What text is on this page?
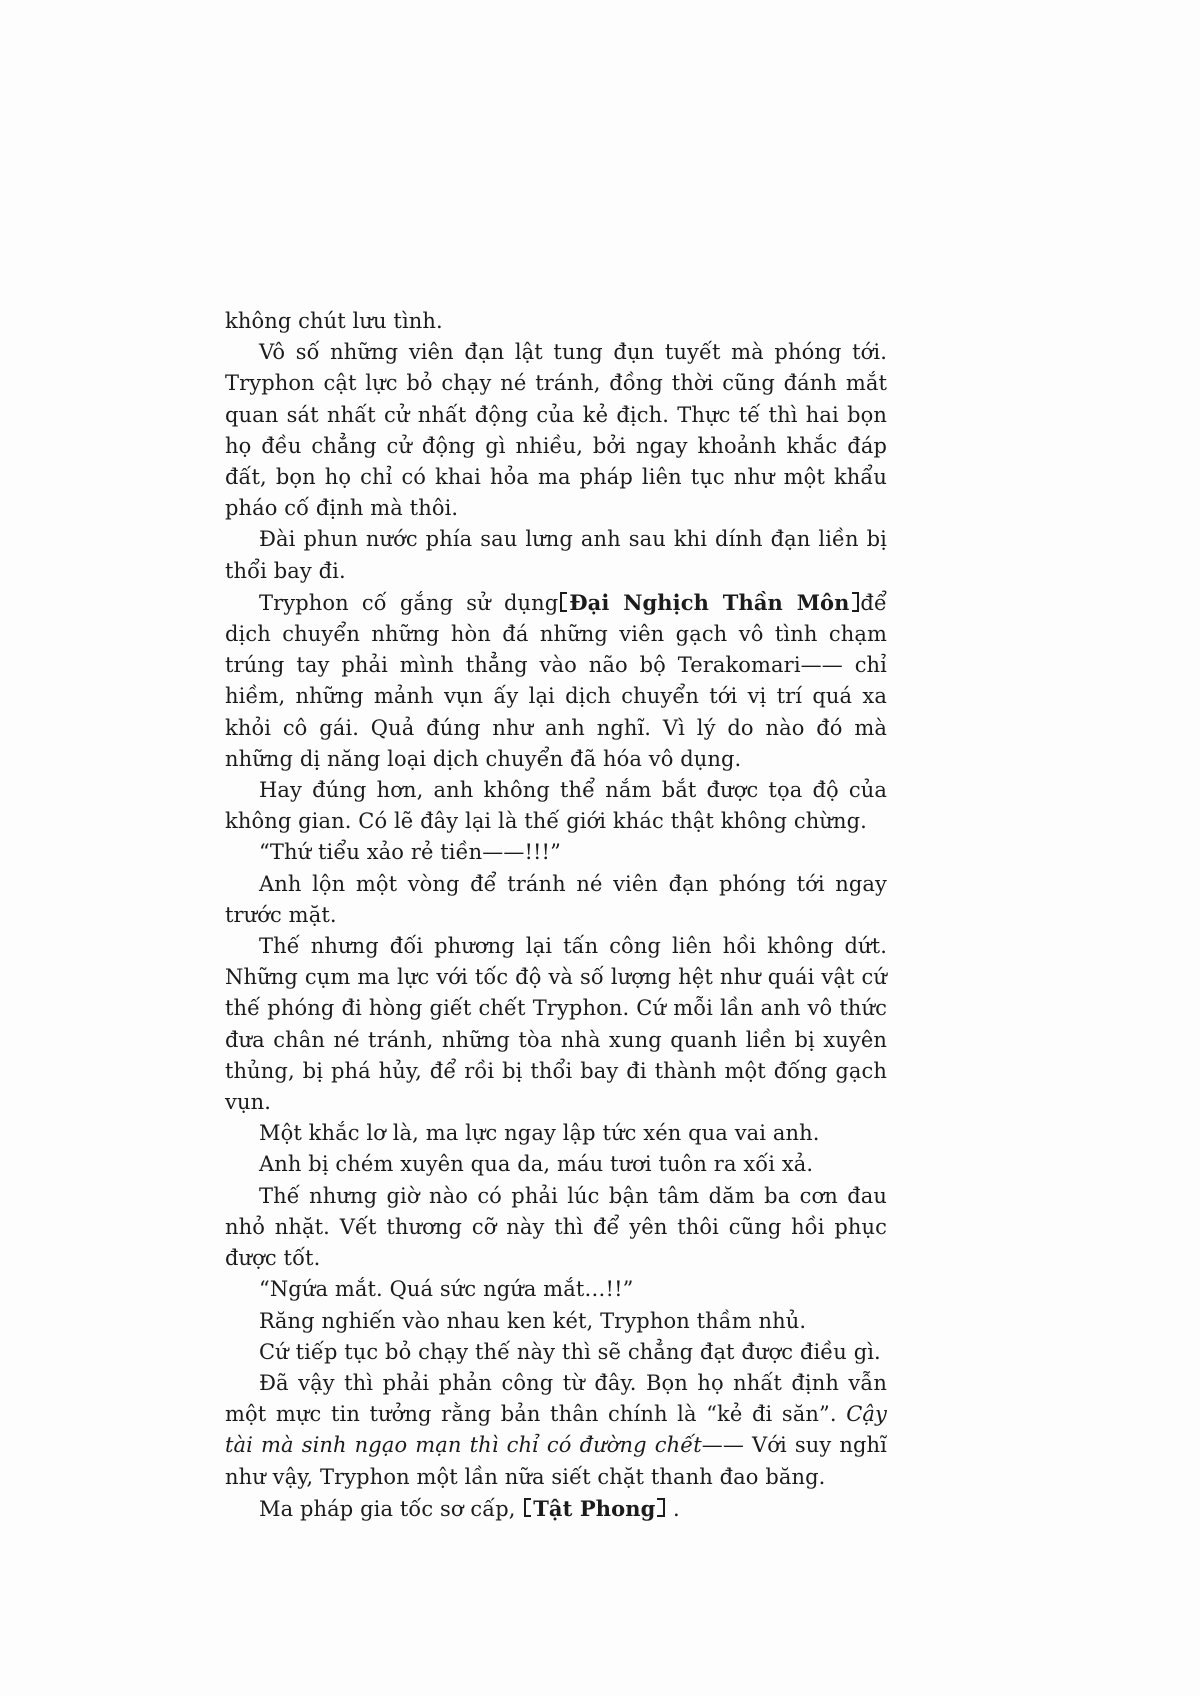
không chút lưu tình.

Vô số những viên đạn lật tung đụn tuyết mà phóng tới. Tryphon cật lực bỏ chạy né tránh, đồng thời cũng đánh mắt quan sát nhất cử nhất động của kẻ địch. Thực tế thì hai bọn họ đều chẳng cử động gì nhiều, bởi ngay khoảnh khắc đáp đất, bọn họ chỉ có khai hỏa ma pháp liên tục như một khẩu pháo cố định mà thôi.

Đài phun nước phía sau lưng anh sau khi dính đạn liền bị thổi bay đi.

Tryphon cố gắng sử dụng Đại Nghịch Thần Môn để dịch chuyển những hòn đá những viên gạch vô tình chạm trúng tay phải mình thẳng vào não bộ Terakomari—— chỉ hiềm, những mảnh vụn ấy lại dịch chuyển tới vị trí quá xa khỏi cô gái. Quả đúng như anh nghĩ. Vì lý do nào đó mà những dị năng loại dịch chuyển đã hóa vô dụng.

Hay đúng hơn, anh không thể nắm bắt được tọa độ của không gian. Có lẽ đây lại là thế giới khác thật không chừng.

“Thứ tiểu xảo rẻ tiền——!!!”

Anh lộn một vòng để tránh né viên đạn phóng tới ngay trước mặt.

Thế nhưng đối phương lại tấn công liên hồi không dứt. Những cụm ma lực với tốc độ và số lượng hệt như quái vật cứ thế phóng đi hòng giết chết Tryphon. Cứ mỗi lần anh vô thức đưa chân né tránh, những tòa nhà xung quanh liền bị xuyên thủng, bị phá hủy, để rồi bị thổi bay đi thành một đống gạch vụn.

Một khắc lơ là, ma lực ngay lập tức xén qua vai anh.

Anh bị chém xuyên qua da, máu tươi tuôn ra xối xả.

Thế nhưng giờ nào có phải lúc bận tâm dăm ba cơn đau nhỏ nhặt. Vết thương cỡ này thì để yên thôi cũng hồi phục được tốt.

“Ngứa mắt. Quá sức ngứa mắt…!!”

Răng nghiến vào nhau ken két, Tryphon thầm nhủ.

Cứ tiếp tục bỏ chạy thế này thì sẽ chẳng đạt được điều gì.

Đã vậy thì phải phản công từ đây. Bọn họ nhất định vẫn một mực tin tưởng rằng bản thân chính là “kẻ đi săn”. Cậy tài mà sinh ngạo mạn thì chỉ có đường chết—— Với suy nghĩ như vậy, Tryphon một lần nữa siết chặt thanh đao băng.

Ma pháp gia tốc sơ cấp, Tật Phong .
